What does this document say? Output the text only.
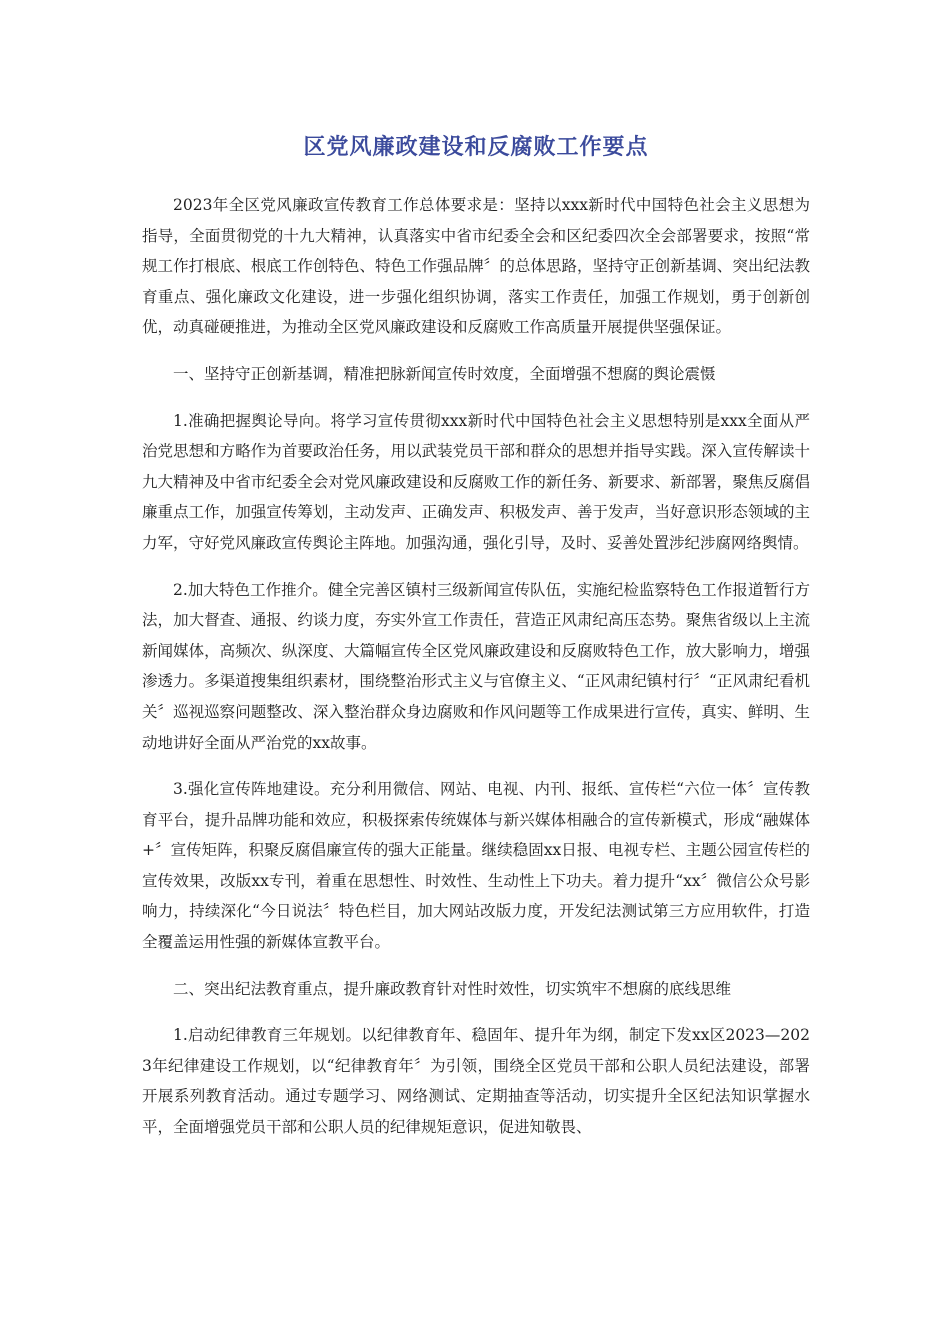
区党风廉政建设和反腐败工作要点

2023年全区党风廉政宣传教育工作总体要求是：坚持以xxx新时代中国特色社会主义思想为指导，全面贯彻党的十九大精神，认真落实中省市纪委全会和区纪委四次全会部署要求，按照“常规工作打根底、根底工作创特色、特色工作强品牌〞的总体思路，坚持守正创新基调、突出纪法教育重点、强化廉政文化建设，进一步强化组织协调，落实工作责任，加强工作规划，勇于创新创优，动真碰硬推进，为推动全区党风廉政建设和反腐败工作高质量开展提供坚强保证。

一、坚持守正创新基调，精准把脉新闻宣传时效度，全面增强不想腐的舆论震慑

1.准确把握舆论导向。将学习宣传贯彻xxx新时代中国特色社会主义思想特别是xxx全面从严治党思想和方略作为首要政治任务，用以武装党员干部和群众的思想并指导实践。深入宣传解读十九大精神及中省市纪委全会对党风廉政建设和反腐败工作的新任务、新要求、新部署，聚焦反腐倡廉重点工作，加强宣传筹划，主动发声、正确发声、积极发声、善于发声，当好意识形态领域的主力军，守好党风廉政宣传舆论主阵地。加强沟通，强化引导，及时、妥善处置涉纪涉腐网络舆情。

2.加大特色工作推介。健全完善区镇村三级新闻宣传队伍，实施纪检监察特色工作报道暂行方法，加大督查、通报、约谈力度，夯实外宣工作责任，营造正风肃纪高压态势。聚焦省级以上主流新闻媒体，高频次、纵深度、大篇幅宣传全区党风廉政建设和反腐败特色工作，放大影响力，增强渗透力。多渠道搜集组织素材，围绕整治形式主义与官僚主义、“正风肃纪镇村行〞“正风肃纪看机关〞巡视巡察问题整改、深入整治群众身边腐败和作风问题等工作成果进行宣传，真实、鲜明、生动地讲好全面从严治党的xx故事。

3.强化宣传阵地建设。充分利用微信、网站、电视、内刊、报纸、宣传栏“六位一体〞宣传教育平台，提升品牌功能和效应，积极探索传统媒体与新兴媒体相融合的宣传新模式，形成“融媒体+〞宣传矩阵，积聚反腐倡廉宣传的强大正能量。继续稳固xx日报、电视专栏、主题公园宣传栏的宣传效果，改版xx专刊，着重在思想性、时效性、生动性上下功夫。着力提升“xx〞微信公众号影响力，持续深化“今日说法〞特色栏目，加大网站改版力度，开发纪法测试第三方应用软件，打造全覆盖运用性强的新媒体宣教平台。

二、突出纪法教育重点，提升廉政教育针对性时效性，切实筑牢不想腐的底线思维

1.启动纪律教育三年规划。以纪律教育年、稳固年、提升年为纲，制定下发xx区2023—2023年纪律建设工作规划，以“纪律教育年〞为引领，围绕全区党员干部和公职人员纪法建设，部署开展系列教育活动。通过专题学习、网络测试、定期抽查等活动，切实提升全区纪法知识掌握水平，全面增强党员干部和公职人员的纪律规矩意识，促进知敬畏、
